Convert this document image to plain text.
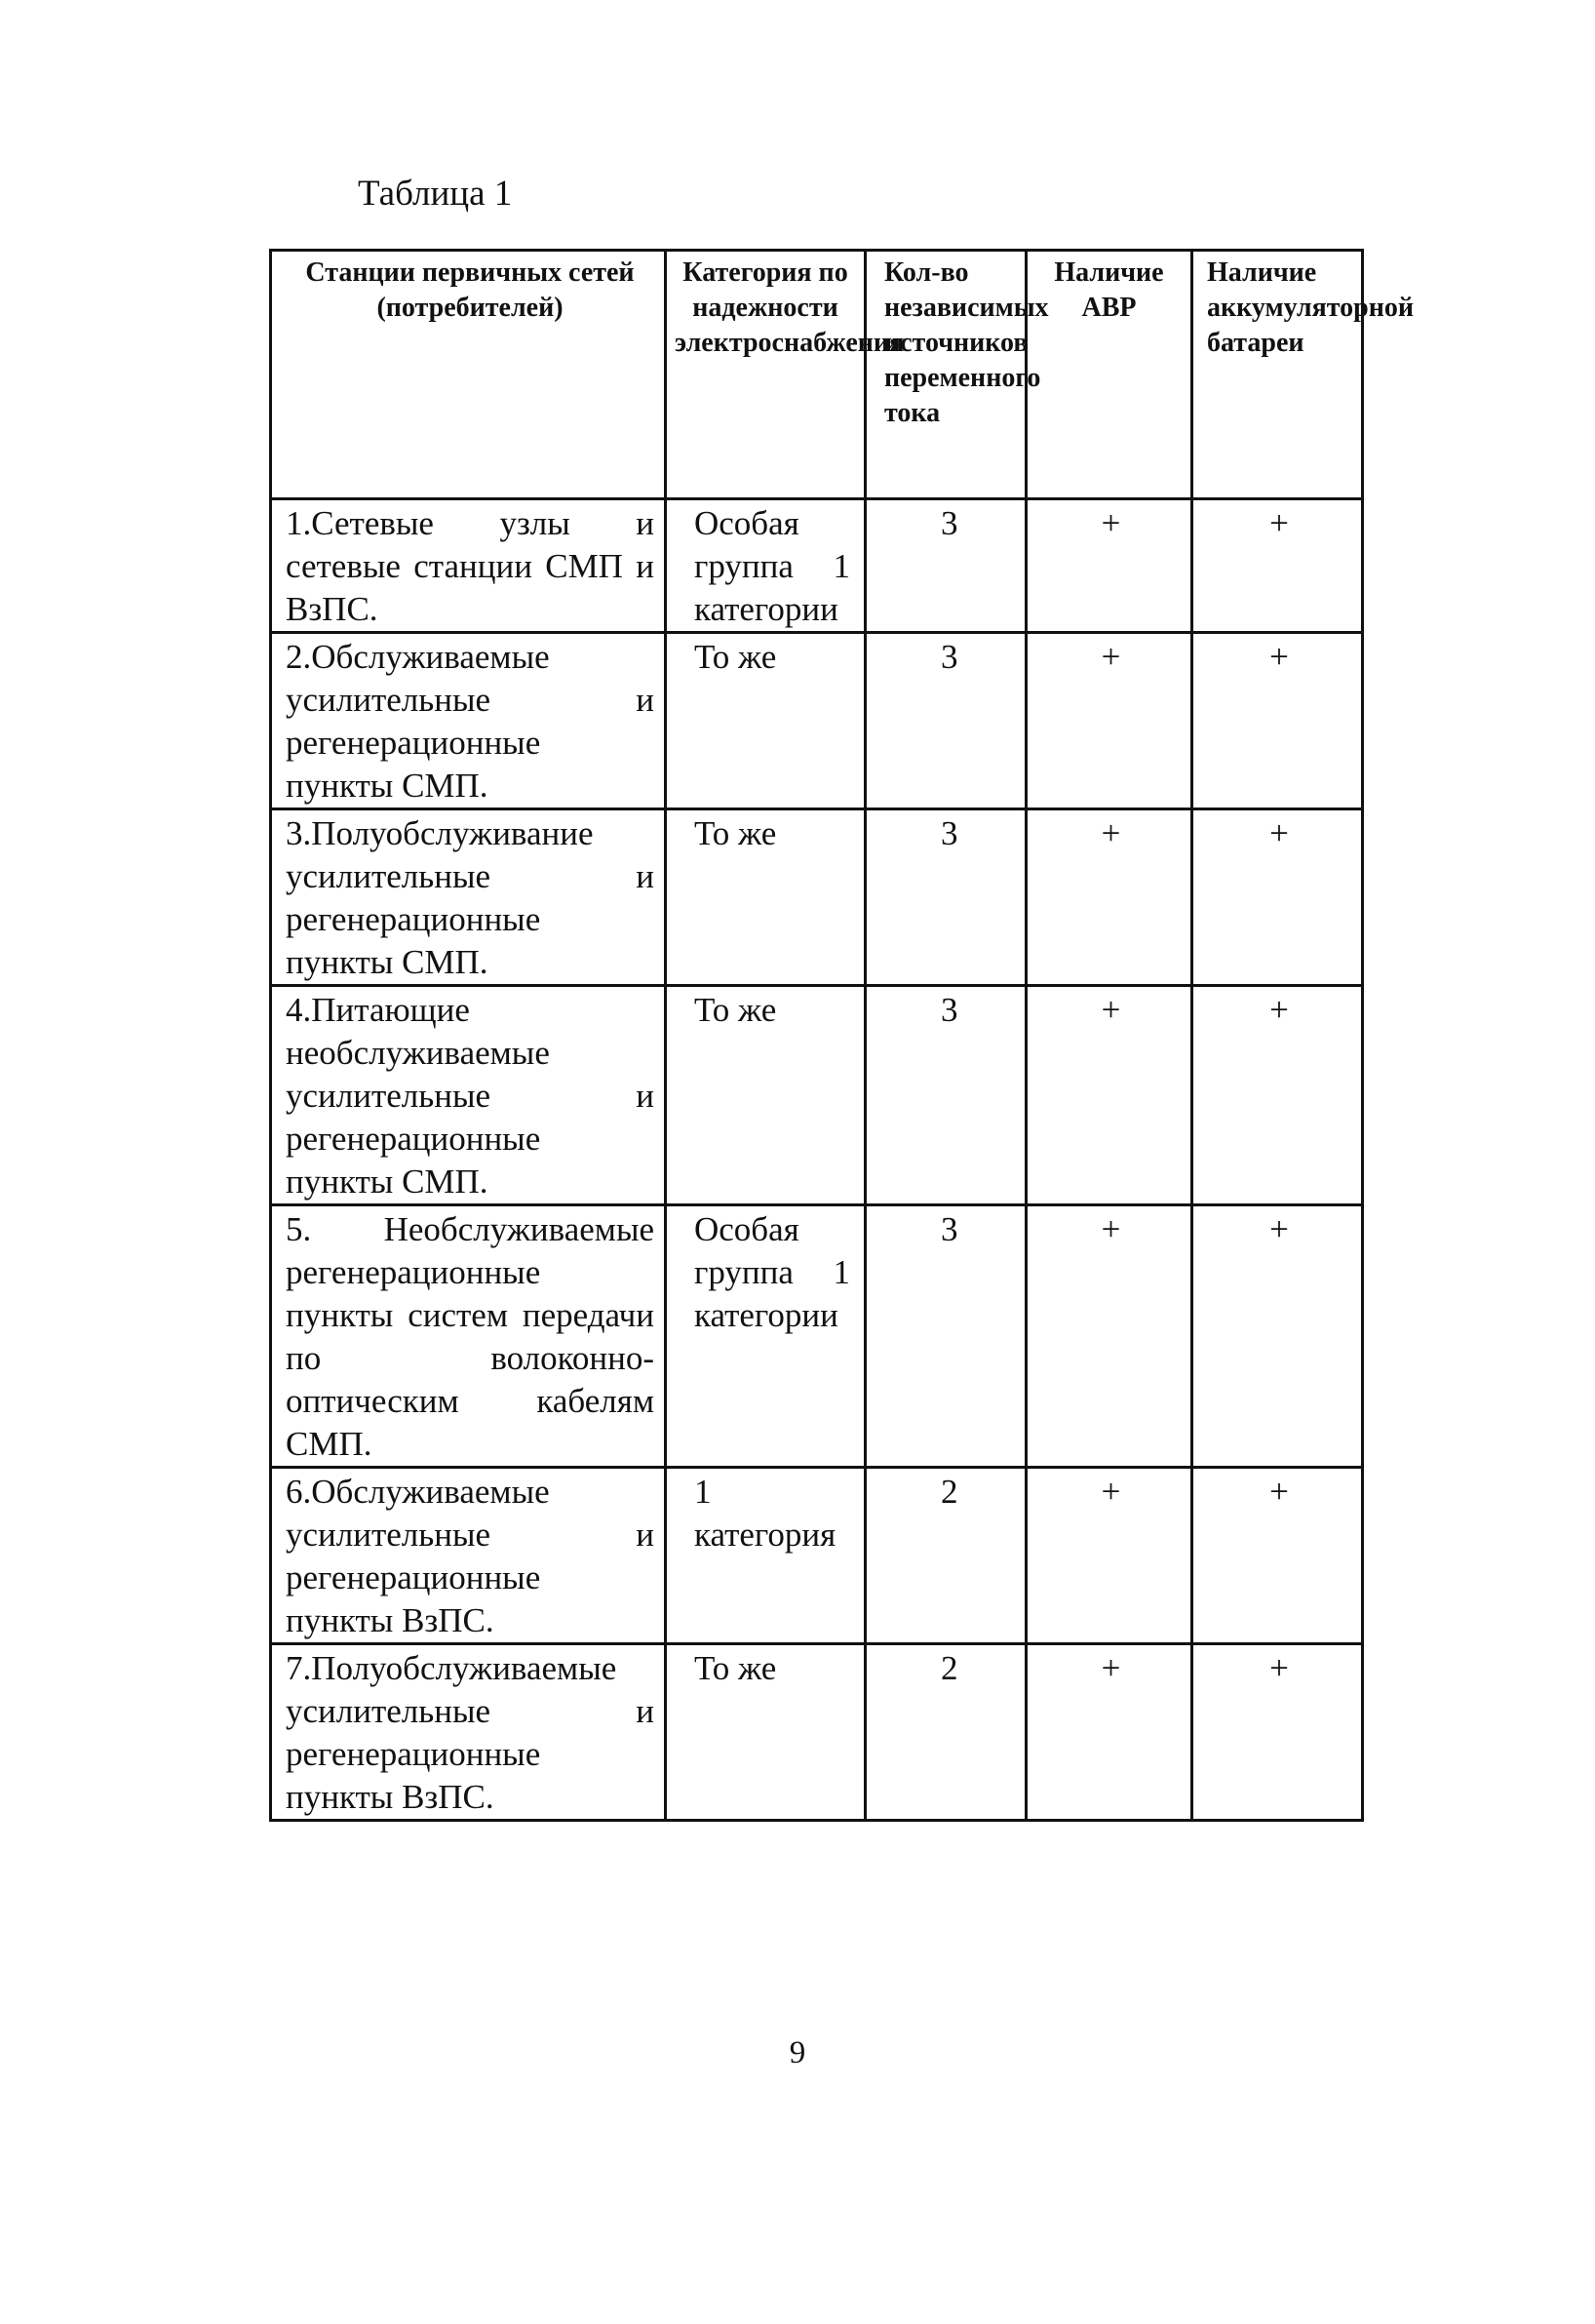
Таблица 1
Станции первичных сетей (потребителей)	Категория по надежности электроснабжения	Кол-во независимых источников переменного тока	Наличие АВР	Наличие аккумуляторной батареи

1.Сетевые узлы и сетевые станции СМП и ВзПС.	Особая группа 1 категории	3	+	+

2.Обслуживаемые усилительные и регенерационные пункты СМП.	То же	3	+	+

3.Полуобслуживание усилительные и регенерационные пункты СМП.	То же	3	+	+

4.Питающие необслуживаемые усилительные и регенерационные пункты СМП.	То же	3	+	+

5. Необслуживаемые регенерационные пункты систем передачи по волоконно-оптическим кабелям СМП.	Особая группа 1 категории	3	+	+

6.Обслуживаемые усилительные и регенерационные пункты ВзПС.	1 категория	2	+	+

7.Полуобслуживаемые усилительные и регенерационные пункты ВзПС.	То же	2	+	+
9
